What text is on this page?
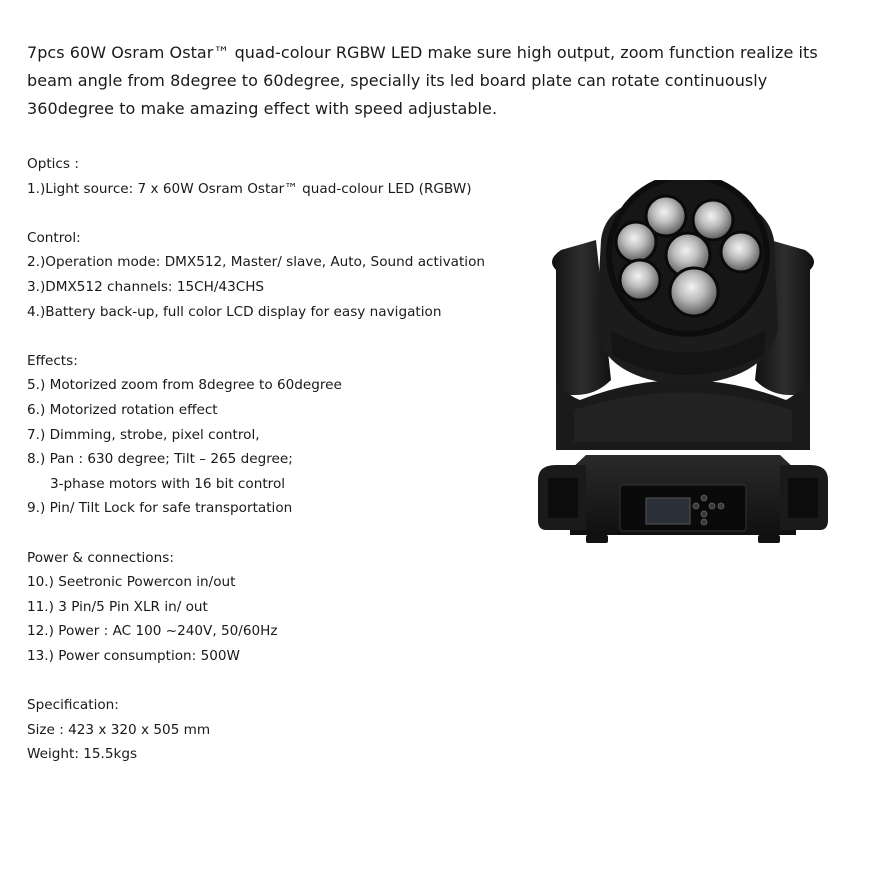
7pcs 60W Osram Ostar™ quad-colour RGBW LED make sure high output, zoom function realize its
beam angle from 8degree to 60degree, specially its led board plate can rotate continuously
360degree to make amazing effect with speed adjustable.
Optics :
1.)Light source: 7 x 60W Osram Ostar™ quad-colour LED (RGBW)
Control:
2.)Operation mode: DMX512, Master/ slave, Auto, Sound activation
3.)DMX512 channels: 15CH/43CHS
4.)Battery back-up, full color LCD display for easy navigation
Effects:
5.) Motorized zoom from 8degree to 60degree
6.) Motorized rotation effect
7.) Dimming, strobe, pixel control,
8.) Pan : 630 degree; Tilt – 265 degree;
3-phase motors with 16 bit control
9.) Pin/ Tilt Lock for safe transportation
Power & connections:
10.) Seetronic Powercon in/out
11.) 3 Pin/5 Pin XLR in/ out
12.) Power : AC 100 ~240V, 50/60Hz
13.) Power consumption: 500W
Specification:
Size : 423 x 320 x 505 mm
Weight: 15.5kgs
